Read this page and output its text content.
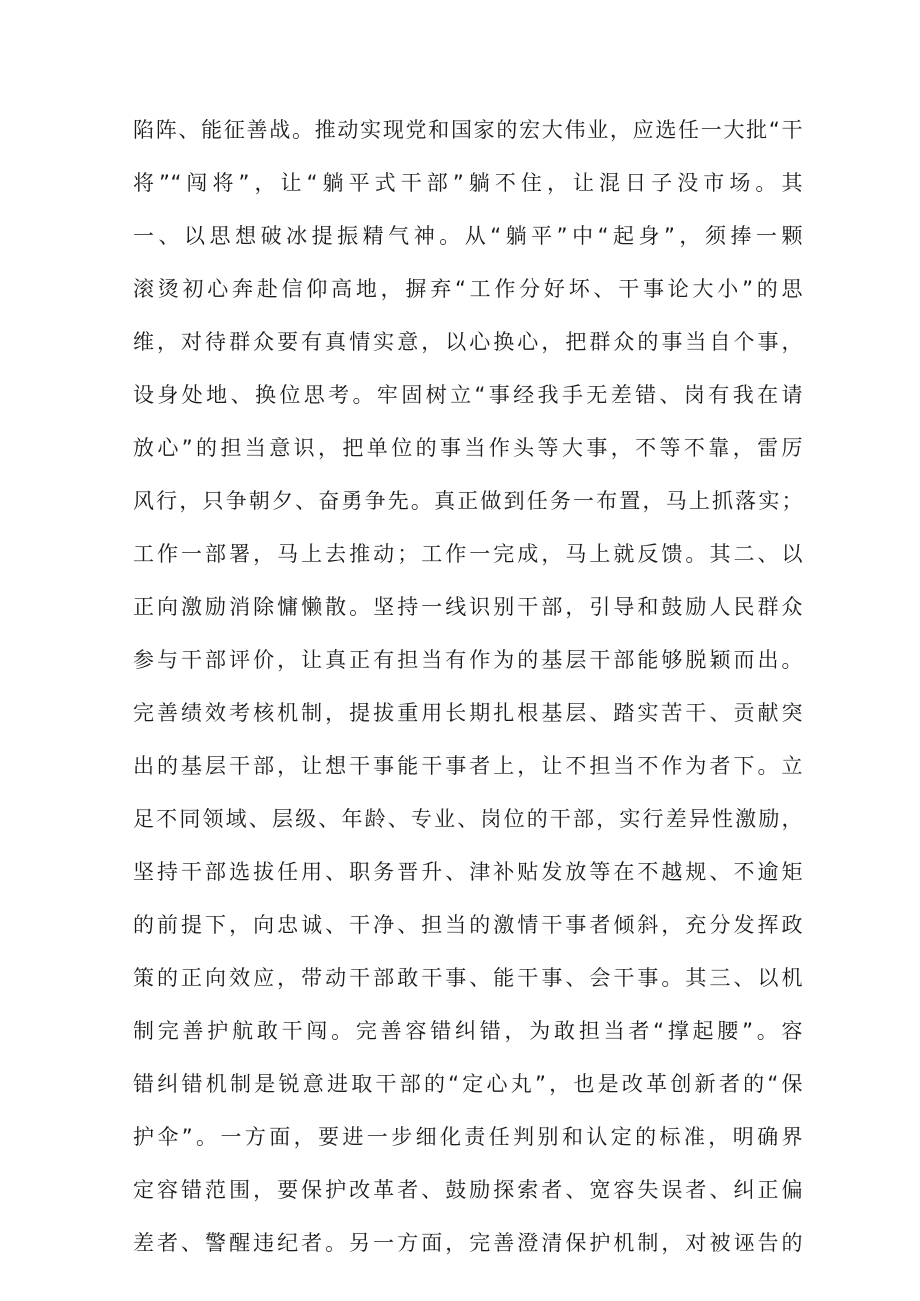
陷阵、能征善战。推动实现党和国家的宏大伟业，应选任一大批“干
将”“闯将”，让“躺平式干部”躺不住，让混日子没市场。其
一、以思想破冰提振精气神。从“躺平”中“起身”，须捧一颗
滚烫初心奔赴信仰高地，摒弃“工作分好坏、干事论大小”的思
维，对待群众要有真情实意，以心换心，把群众的事当自个事，
设身处地、换位思考。牢固树立“事经我手无差错、岗有我在请
放心”的担当意识，把单位的事当作头等大事，不等不靠，雷厉
风行，只争朝夕、奋勇争先。真正做到任务一布置，马上抓落实；
工作一部署，马上去推动；工作一完成，马上就反馈。其二、以
正向激励消除慵懒散。坚持一线识别干部，引导和鼓励人民群众
参与干部评价，让真正有担当有作为的基层干部能够脱颖而出。
完善绩效考核机制，提拔重用长期扎根基层、踏实苦干、贡献突
出的基层干部，让想干事能干事者上，让不担当不作为者下。立
足不同领域、层级、年龄、专业、岗位的干部，实行差异性激励，
坚持干部选拔任用、职务晋升、津补贴发放等在不越规、不逾矩
的前提下，向忠诚、干净、担当的激情干事者倾斜，充分发挥政
策的正向效应，带动干部敢干事、能干事、会干事。其三、以机
制完善护航敢干闯。完善容错纠错，为敢担当者“撑起腰”。容
错纠错机制是锐意进取干部的“定心丸”，也是改革创新者的“保
护伞”。一方面，要进一步细化责任判别和认定的标准，明确界
定容错范围，要保护改革者、鼓励探索者、宽容失误者、纠正偏
差者、警醒违纪者。另一方面，完善澄清保护机制，对被诬告的
